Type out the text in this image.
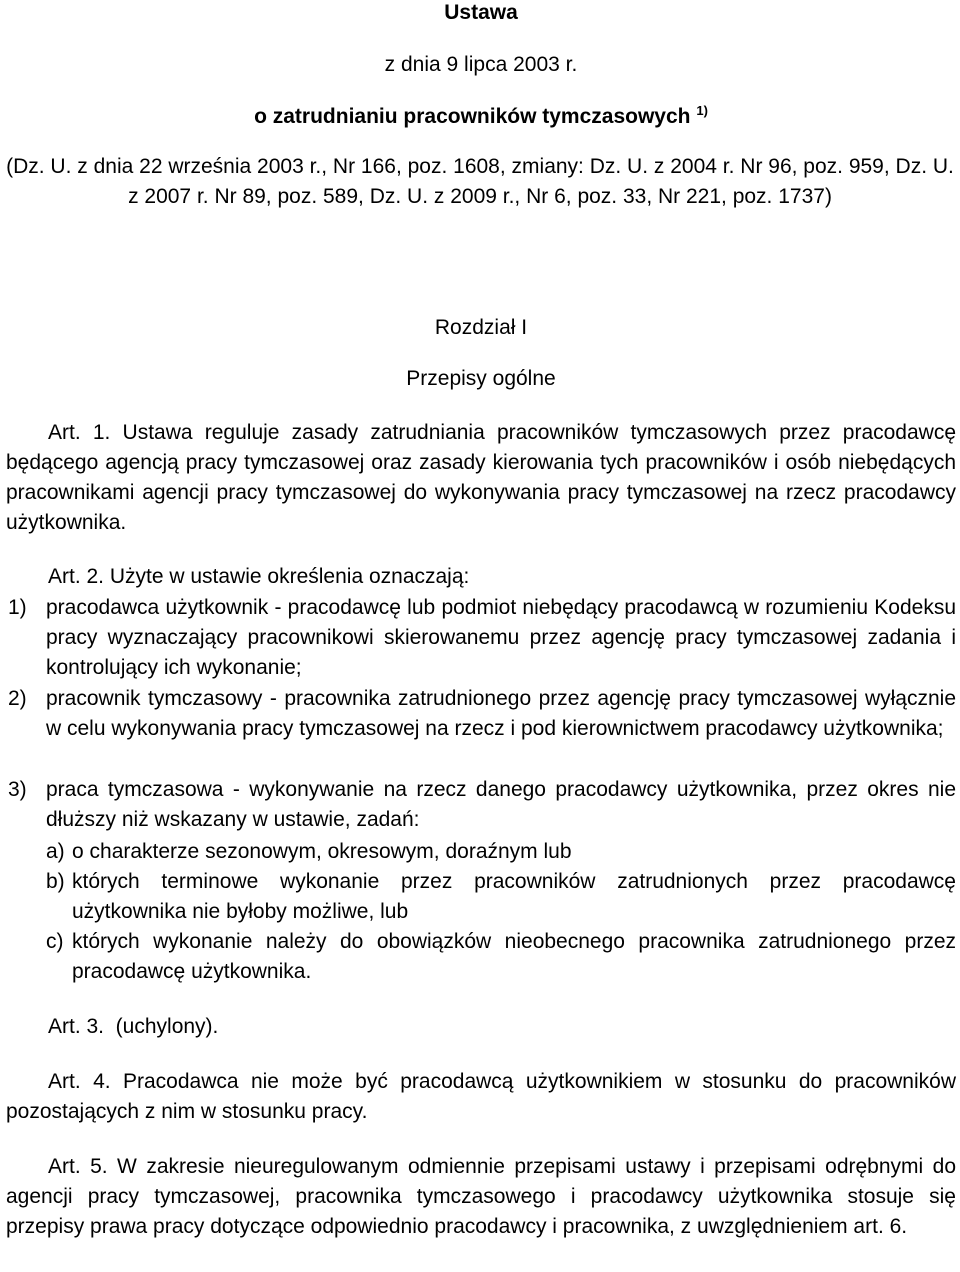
Ustawa
z dnia 9 lipca 2003 r.
o zatrudnianiu pracowników tymczasowych $^{1)}$
(Dz. U. z dnia 22 września 2003 r., Nr 166, poz. 1608, zmiany: Dz. U. z 2004 r. Nr 96, poz. 959, Dz. U. z 2007 r. Nr 89, poz. 589, Dz. U. z 2009 r., Nr 6, poz. 33, Nr 221, poz. 1737)
Rozdział I
Przepisy ogólne

Art. 1. Ustawa reguluje zasady zatrudniania pracowników tymczasowych przez pracodawcę będącego agencją pracy tymczasowej oraz zasady kierowania tych pracowników i osób niebędących pracownikami agencji pracy tymczasowej do wykonywania pracy tymczasowej na rzecz pracodawcy użytkownika.

Art. 2. Użyte w ustawie określenia oznaczają:
1) pracodawca użytkownik - pracodawcę lub podmiot niebędący pracodawcą w rozumieniu Kodeksu pracy wyznaczający pracownikowi skierowanemu przez agencję pracy tymczasowej zadania i kontrolujący ich wykonanie;
2) pracownik tymczasowy - pracownika zatrudnionego przez agencję pracy tymczasowej wyłącznie w celu wykonywania pracy tymczasowej na rzecz i pod kierownictwem pracodawcy użytkownika;
3) praca tymczasowa - wykonywanie na rzecz danego pracodawcy użytkownika, przez okres nie dłuższy niż wskazany w ustawie, zadań:
a) o charakterze sezonowym, okresowym, doraźnym lub
b) których terminowe wykonanie przez pracowników zatrudnionych przez pracodawcę użytkownika nie byłoby możliwe, lub
c) których wykonanie należy do obowiązków nieobecnego pracownika zatrudnionego przez pracodawcę użytkownika.
Art. 3.  (uchylony).

Art. 4. Pracodawca nie może być pracodawcą użytkownikiem w stosunku do pracowników pozostających z nim w stosunku pracy.

Art. 5. W zakresie nieuregulowanym odmiennie przepisami ustawy i przepisami odrębnymi do agencji pracy tymczasowej, pracownika tymczasowego i pracodawcy użytkownika stosuje się przepisy prawa pracy dotyczące odpowiednio pracodawcy i pracownika, z uwzględnieniem art. 6.
